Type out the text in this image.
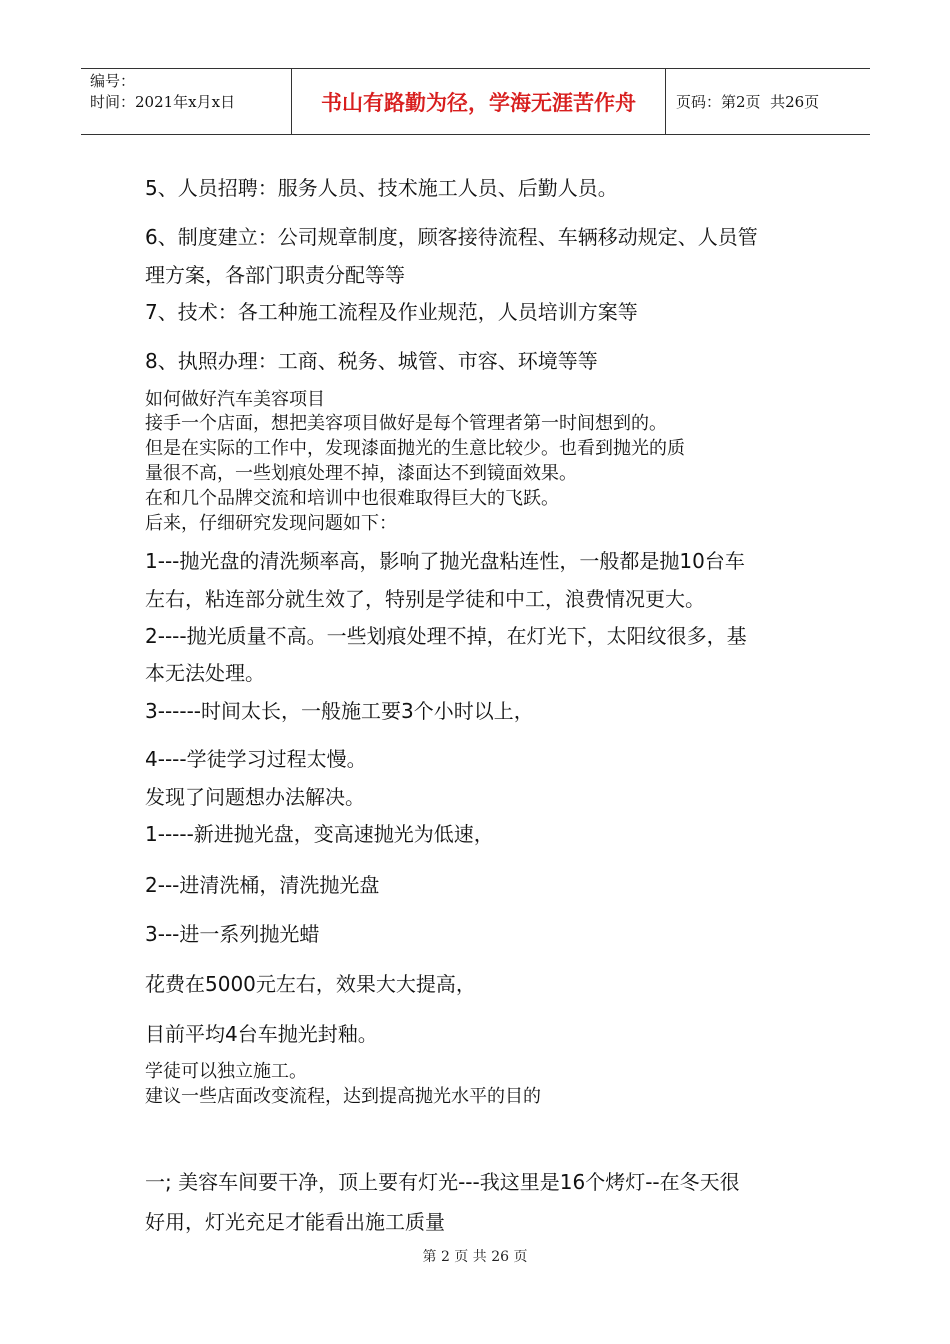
编号：
时间：2021年x月x日	书山有路勤为径，学海无涯苦作舟	页码：第2页  共26页

5、人员招聘：服务人员、技术施工人员、后勤人员。

6、制度建立：公司规章制度，顾客接待流程、车辆移动规定、人员管

理方案，各部门职责分配等等

7、技术：各工种施工流程及作业规范，人员培训方案等

8、执照办理：工商、税务、城管、市容、环境等等

如何做好汽车美容项目

接手一个店面，想把美容项目做好是每个管理者第一时间想到的。

但是在实际的工作中，发现漆面抛光的生意比较少。也看到抛光的质

量很不高，一些划痕处理不掉，漆面达不到镜面效果。

在和几个品牌交流和培训中也很难取得巨大的飞跃。

后来，仔细研究发现问题如下：

1---抛光盘的清洗频率高，影响了抛光盘粘连性，一般都是抛10台车

左右，粘连部分就生效了，特别是学徒和中工，浪费情况更大。

2----抛光质量不高。一些划痕处理不掉，在灯光下，太阳纹很多，基

本无法处理。

3------时间太长，一般施工要3个小时以上，

4----学徒学习过程太慢。

发现了问题想办法解决。

1-----新进抛光盘，变高速抛光为低速，

2---进清洗桶，清洗抛光盘

3---进一系列抛光蜡

花费在5000元左右，效果大大提高，

目前平均4台车抛光封釉。

学徒可以独立施工。

建议一些店面改变流程，达到提高抛光水平的目的

一; 美容车间要干净，顶上要有灯光---我这里是16个烤灯--在冬天很

好用，灯光充足才能看出施工质量

第 2 页 共 26 页
